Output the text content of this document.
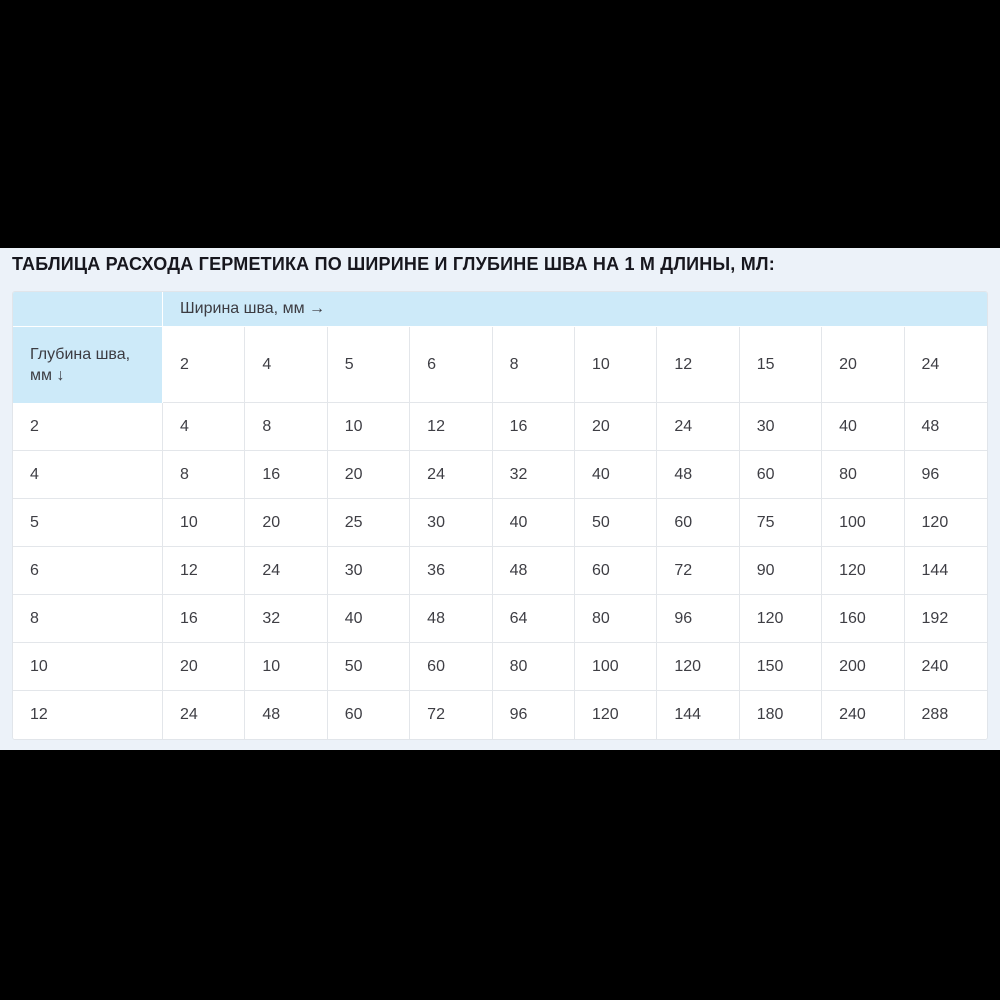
ТАБЛИЦА РАСХОДА ГЕРМЕТИКА ПО ШИРИНЕ И ГЛУБИНЕ ШВА НА 1 М ДЛИНЫ, МЛ:
	Ширина шва, мм →									

Глубина шва,
мм ↓	2	4	5	6	8	10	12	15	20	24
2	4	8	10	12	16	20	24	30	40	48
4	8	16	20	24	32	40	48	60	80	96
5	10	20	25	30	40	50	60	75	100	120
6	12	24	30	36	48	60	72	90	120	144
8	16	32	40	48	64	80	96	120	160	192
10	20	10	50	60	80	100	120	150	200	240
12	24	48	60	72	96	120	144	180	240	288
